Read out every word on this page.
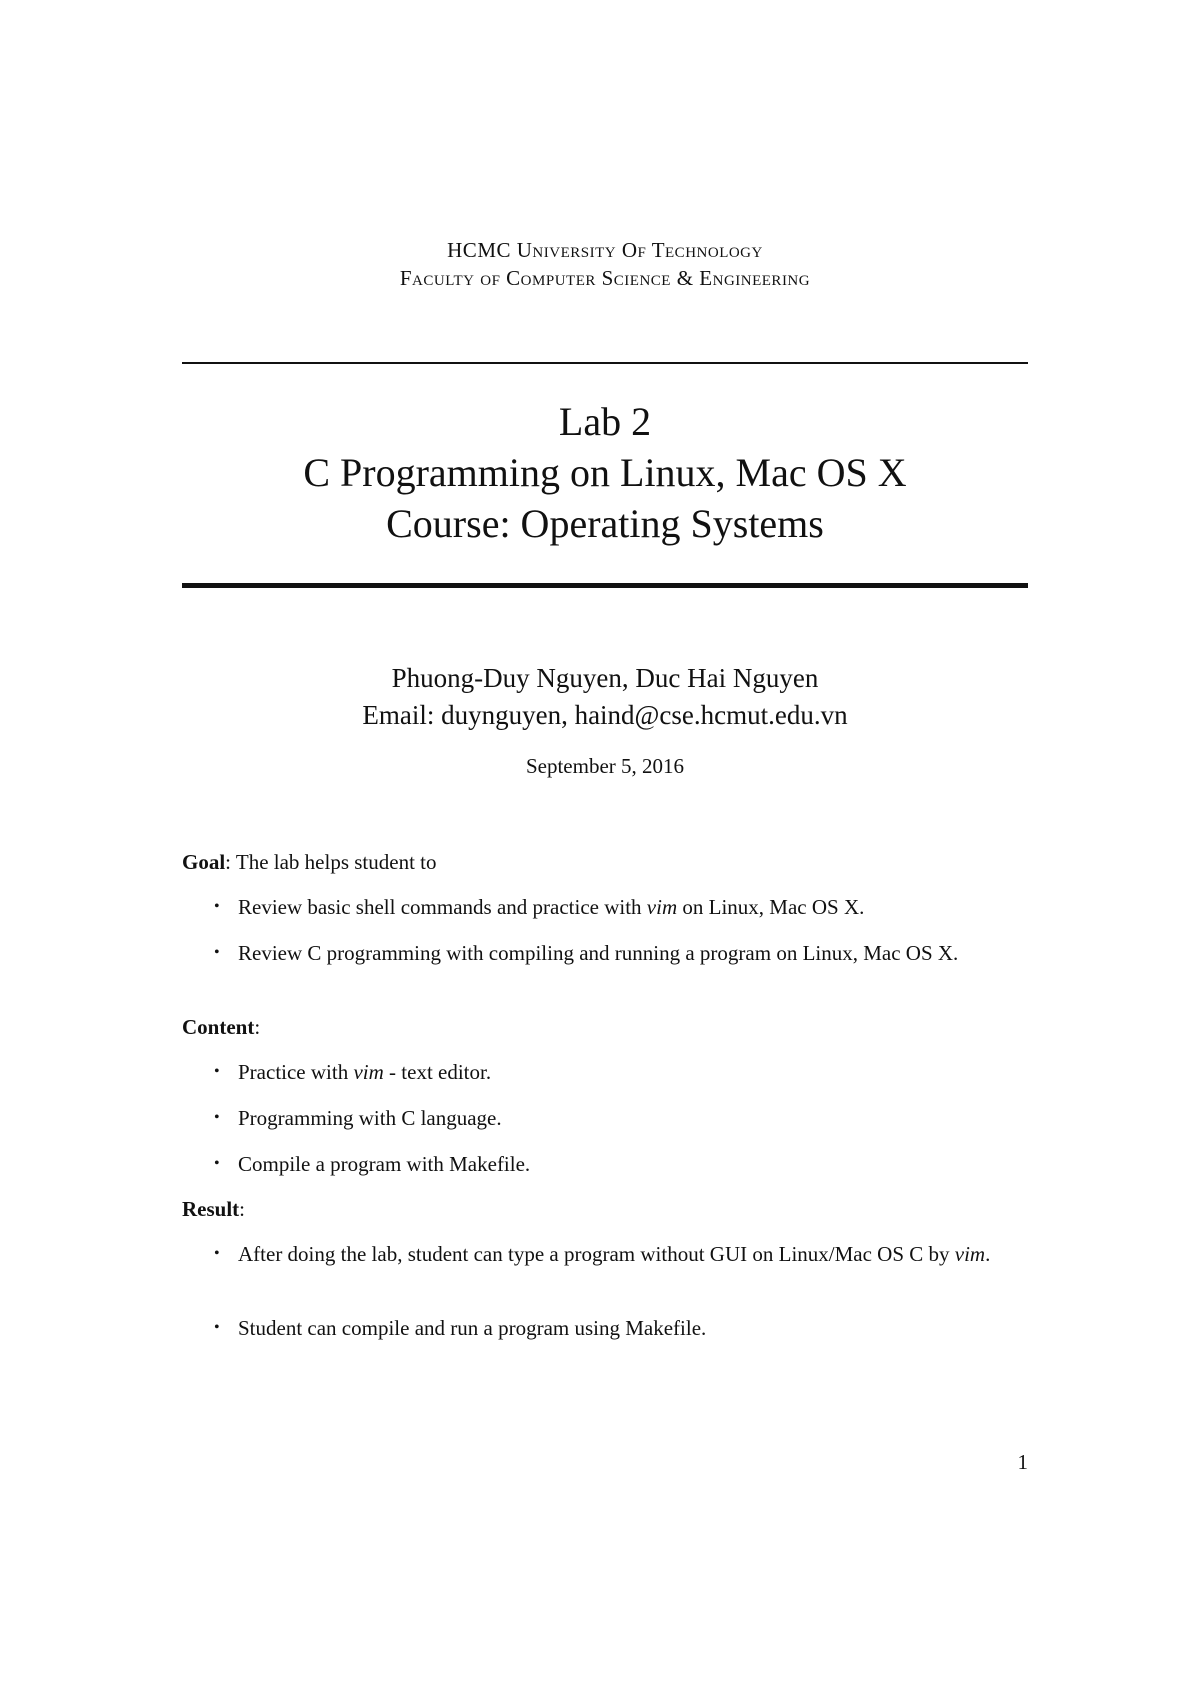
HCMC University Of Technology
Faculty of Computer Science & Engineering
Lab 2
C Programming on Linux, Mac OS X
Course: Operating Systems
Phuong-Duy Nguyen, Duc Hai Nguyen
Email: duynguyen, haind@cse.hcmut.edu.vn
September 5, 2016
Goal: The lab helps student to
• Review basic shell commands and practice with vim on Linux, Mac OS X.
• Review C programming with compiling and running a program on Linux, Mac OS X.
Content:
• Practice with vim - text editor.
• Programming with C language.
• Compile a program with Makefile.
Result:
• After doing the lab, student can type a program without GUI on Linux/Mac OS C by vim.
• Student can compile and run a program using Makefile.
1
